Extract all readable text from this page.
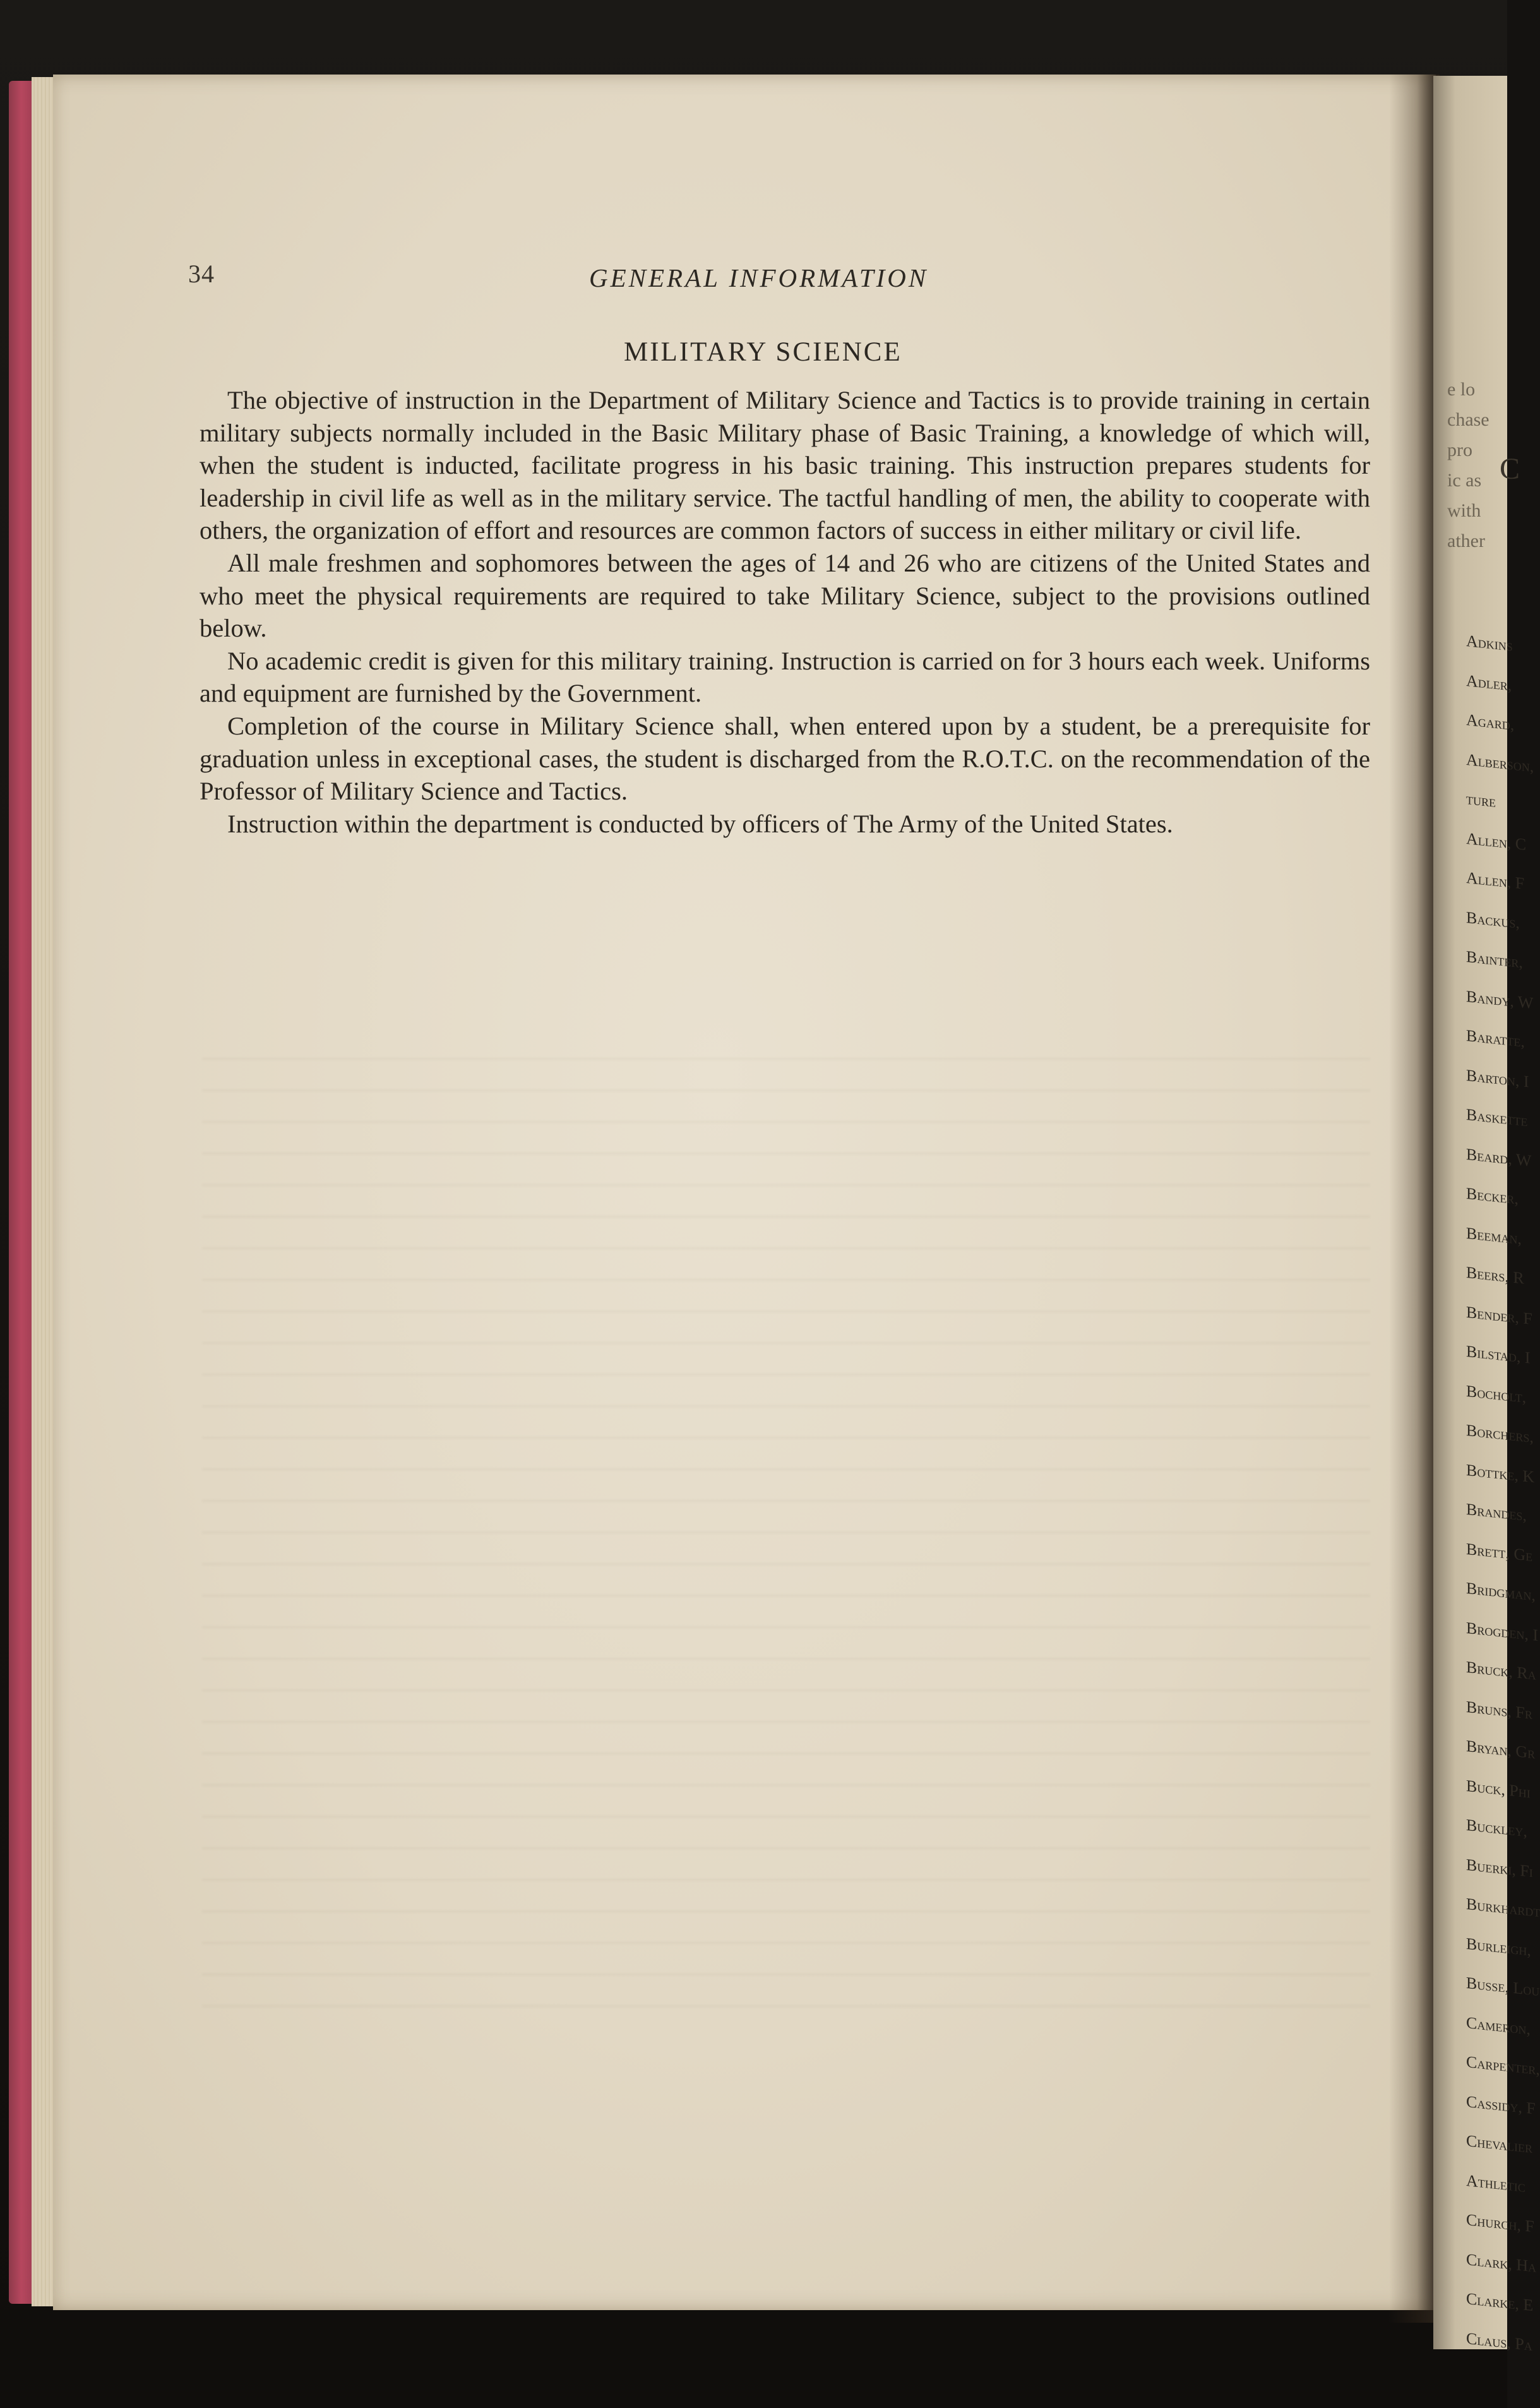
34	GENERAL INFORMATION
MILITARY SCIENCE

The objective of instruction in the Department of Military Science and Tactics is to provide training in certain military subjects normally included in the Basic Military phase of Basic Training, a knowledge of which will, when the student is inducted, facilitate progress in his basic training. This instruction prepares students for leadership in civil life as well as in the military service. The tactful handling of men, the ability to cooperate with others, the organization of effort and resources are common factors of success in either military or civil life.

All male freshmen and sophomores between the ages of 14 and 26 who are citizens of the United States and who meet the physical requirements are required to take Military Science, subject to the provisions outlined below.

No academic credit is given for this military training. Instruction is carried on for 3 hours each week. Uniforms and equipment are furnished by the Government.

Completion of the course in Military Science shall, when entered upon by a student, be a prerequisite for graduation unless in exceptional cases, the student is discharged from the R.O.T.C. on the recommendation of the Professor of Military Science and Tactics.

Instruction within the department is conducted by officers of The Army of the United States.

Adkins
Adler,
Agard,
Alberson,
ture
Allen, C
Allen, F
Backus,
Bainter,
Bandy, W
Baratte,
Barton, I
Baskette
Beard, W
Becker,
Beeman,
Beers, R
Bender, F
Bilstad, I
Bocholt,
Borchers,
Bottke, K
Brandes,
Brett, Ge
Bridgman,
Brogden, I
Bruck, Ra
Bruns, Fr
Bryan, Gr
Buck, Phi
Buckley,
Buerki, Fi
Burkhardt
Burleigh,
Busse, Lou
Cameron,
Carpenter,
Cassidy, F
Chevalier
Athletic
Church, F
Clark, Ha
Clarke, E
Claus, Pa
e lo
chase
pro
ic as
with
ather
C
